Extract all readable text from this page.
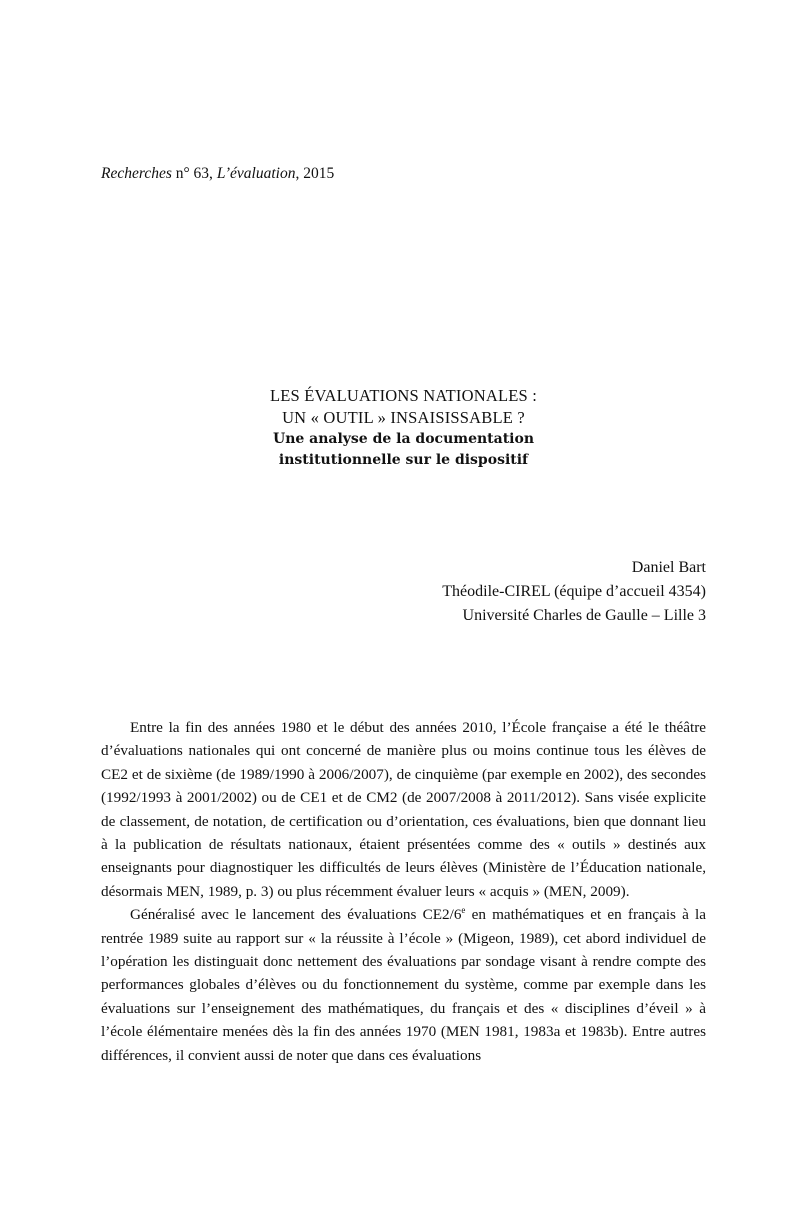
Recherches n° 63, L’évaluation, 2015
LES ÉVALUATIONS NATIONALES :
UN « OUTIL » INSAISISSABLE ?
Une analyse de la documentation
institutionnelle sur le dispositif
Daniel Bart
Théodile-CIREL (équipe d’accueil 4354)
Université Charles de Gaulle – Lille 3

Entre la fin des années 1980 et le début des années 2010, l’École française a été le théâtre d’évaluations nationales qui ont concerné de manière plus ou moins continue tous les élèves de CE2 et de sixième (de 1989/1990 à 2006/2007), de cinquième (par exemple en 2002), des secondes (1992/1993 à 2001/2002) ou de CE1 et de CM2 (de 2007/2008 à 2011/2012). Sans visée explicite de classement, de notation, de certification ou d’orientation, ces évaluations, bien que donnant lieu à la publication de résultats nationaux, étaient présentées comme des « outils » destinés aux enseignants pour diagnostiquer les difficultés de leurs élèves (Ministère de l’Éducation nationale, désormais MEN, 1989, p. 3) ou plus récemment évaluer leurs « acquis » (MEN, 2009).

Généralisé avec le lancement des évaluations CE2/6e en mathématiques et en français à la rentrée 1989 suite au rapport sur « la réussite à l’école » (Migeon, 1989), cet abord individuel de l’opération les distinguait donc nettement des évaluations par sondage visant à rendre compte des performances globales d’élèves ou du fonctionnement du système, comme par exemple dans les évaluations sur l’enseignement des mathématiques, du français et des « disciplines d’éveil » à l’école élémentaire menées dès la fin des années 1970 (MEN 1981, 1983a et 1983b). Entre autres différences, il convient aussi de noter que dans ces évaluations
